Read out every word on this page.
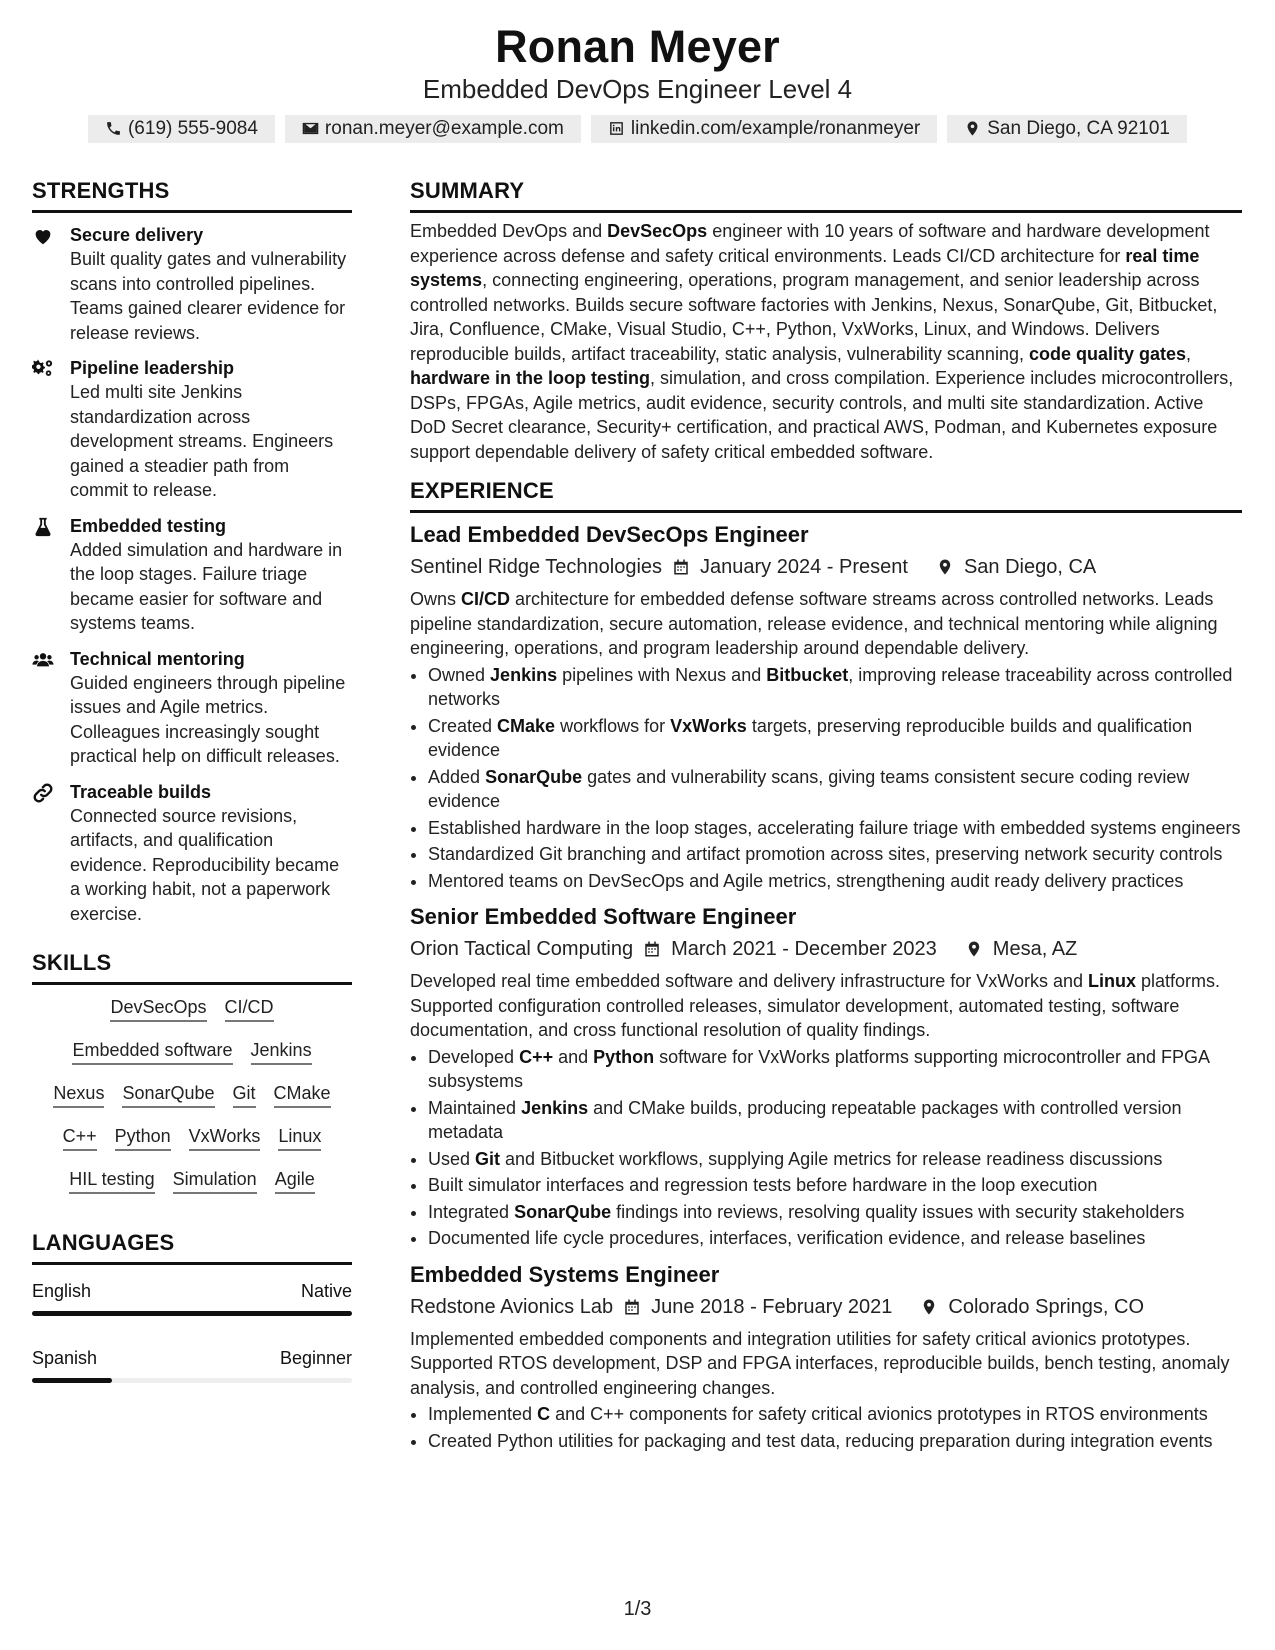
Ronan Meyer
Embedded DevOps Engineer Level 4
(619) 555-9084	ronan.meyer@example.com	linkedin.com/example/ronanmeyer	San Diego, CA 92101
STRENGTHS
Secure delivery
Built quality gates and vulnerability scans into controlled pipelines. Teams gained clearer evidence for release reviews.
Pipeline leadership
Led multi site Jenkins standardization across development streams. Engineers gained a steadier path from commit to release.
Embedded testing
Added simulation and hardware in the loop stages. Failure triage became easier for software and systems teams.
Technical mentoring
Guided engineers through pipeline issues and Agile metrics. Colleagues increasingly sought practical help on difficult releases.
Traceable builds
Connected source revisions, artifacts, and qualification evidence. Reproducibility became a working habit, not a paperwork exercise.
SKILLS
DevSecOps CI/CD
Embedded software Jenkins
Nexus SonarQube Git CMake
C++ Python VxWorks Linux
HIL testing Simulation Agile
LANGUAGES
English	Native
Spanish	Beginner
SUMMARY
Embedded DevOps and DevSecOps engineer with 10 years of software and hardware development experience across defense and safety critical environments. Leads CI/CD architecture for real time systems, connecting engineering, operations, program management, and senior leadership across controlled networks. Builds secure software factories with Jenkins, Nexus, SonarQube, Git, Bitbucket, Jira, Confluence, CMake, Visual Studio, C++, Python, VxWorks, Linux, and Windows. Delivers reproducible builds, artifact traceability, static analysis, vulnerability scanning, code quality gates, hardware in the loop testing, simulation, and cross compilation. Experience includes microcontrollers, DSPs, FPGAs, Agile metrics, audit evidence, security controls, and multi site standardization. Active DoD Secret clearance, Security+ certification, and practical AWS, Podman, and Kubernetes exposure support dependable delivery of safety critical embedded software.
EXPERIENCE
Lead Embedded DevSecOps Engineer
Sentinel Ridge Technologies January 2024 - Present	San Diego, CA
Owns CI/CD architecture for embedded defense software streams across controlled networks. Leads pipeline standardization, secure automation, release evidence, and technical mentoring while aligning engineering, operations, and program leadership around dependable delivery.
• Owned Jenkins pipelines with Nexus and Bitbucket, improving release traceability across controlled networks
• Created CMake workflows for VxWorks targets, preserving reproducible builds and qualification evidence
• Added SonarQube gates and vulnerability scans, giving teams consistent secure coding review evidence
• Established hardware in the loop stages, accelerating failure triage with embedded systems engineers
• Standardized Git branching and artifact promotion across sites, preserving network security controls
• Mentored teams on DevSecOps and Agile metrics, strengthening audit ready delivery practices
Senior Embedded Software Engineer
Orion Tactical Computing March 2021 - December 2023	Mesa, AZ
Developed real time embedded software and delivery infrastructure for VxWorks and Linux platforms. Supported configuration controlled releases, simulator development, automated testing, software documentation, and cross functional resolution of quality findings.
• Developed C++ and Python software for VxWorks platforms supporting microcontroller and FPGA subsystems
• Maintained Jenkins and CMake builds, producing repeatable packages with controlled version metadata
• Used Git and Bitbucket workflows, supplying Agile metrics for release readiness discussions
• Built simulator interfaces and regression tests before hardware in the loop execution
• Integrated SonarQube findings into reviews, resolving quality issues with security stakeholders
• Documented life cycle procedures, interfaces, verification evidence, and release baselines
Embedded Systems Engineer
Redstone Avionics Lab June 2018 - February 2021	Colorado Springs, CO
Implemented embedded components and integration utilities for safety critical avionics prototypes. Supported RTOS development, DSP and FPGA interfaces, reproducible builds, bench testing, anomaly analysis, and controlled engineering changes.
• Implemented C and C++ components for safety critical avionics prototypes in RTOS environments
• Created Python utilities for packaging and test data, reducing preparation during integration events
1/3
